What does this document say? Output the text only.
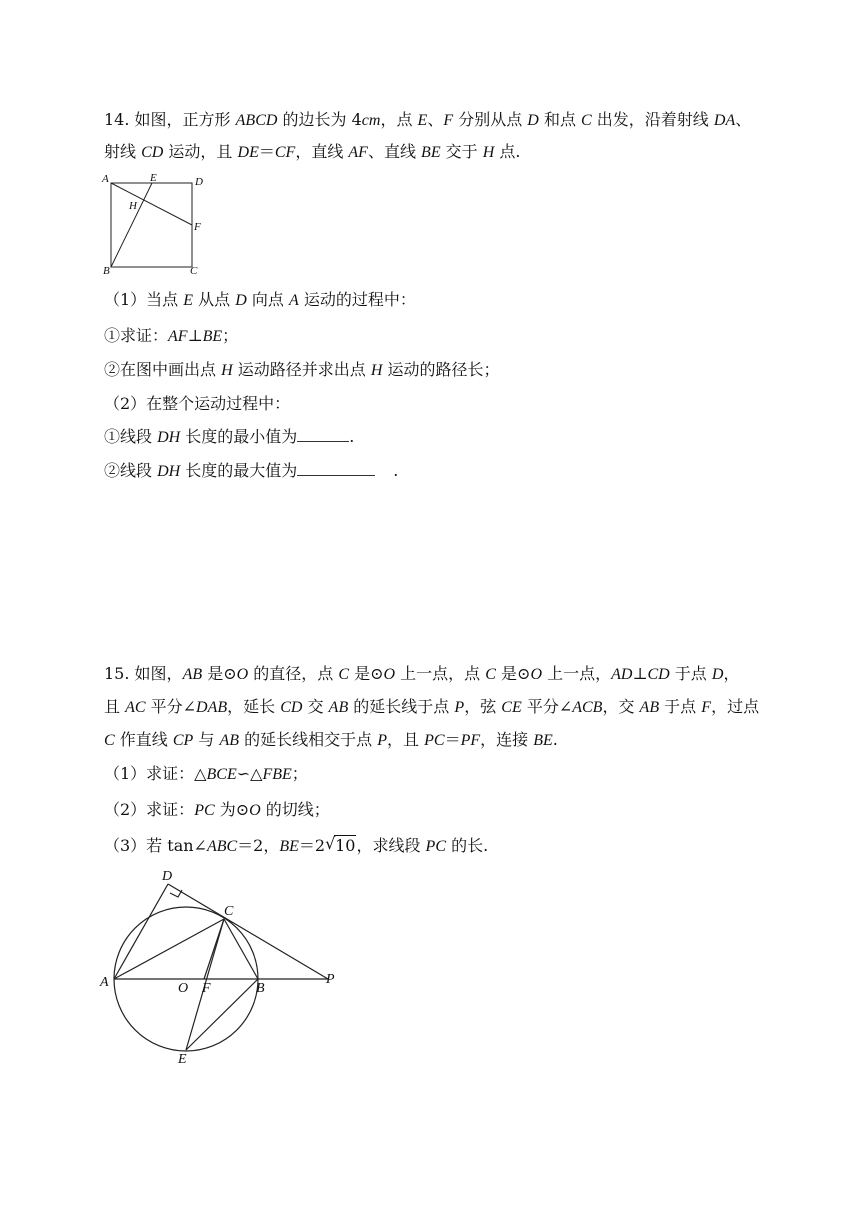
14. 如图，正方形 ABCD 的边长为 4cm，点 E、F 分别从点 D 和点 C 出发，沿着射线 DA、
射线 CD 运动，且 DE＝CF，直线 AF、直线 BE 交于 H 点.
A	E	D
H
F
B	C
（1）当点 E 从点 D 向点 A 运动的过程中：
①求证：AF⊥BE；
②在图中画出点 H 运动路径并求出点 H 运动的路径长；
（2）在整个运动过程中：
①线段 DH 长度的最小值为	.
②线段 DH 长度的最大值为	.
15. 如图，AB 是⊙O 的直径，点 C 是⊙O 上一点，点 C 是⊙O 上一点，AD⊥CD 于点 D，
且 AC 平分∠DAB，延长 CD 交 AB 的延长线于点 P，弦 CE 平分∠ACB，交 AB 于点 F，过点
C 作直线 CP 与 AB 的延长线相交于点 P，且 PC＝PF，连接 BE.
（1）求证：△BCE∽△FBE；
（2）求证：PC 为⊙O 的切线；
（3）若 tan∠ABC＝2，BE＝2 √ 10，求线段 PC 的长.
D
C
A	O F	B
P
E
